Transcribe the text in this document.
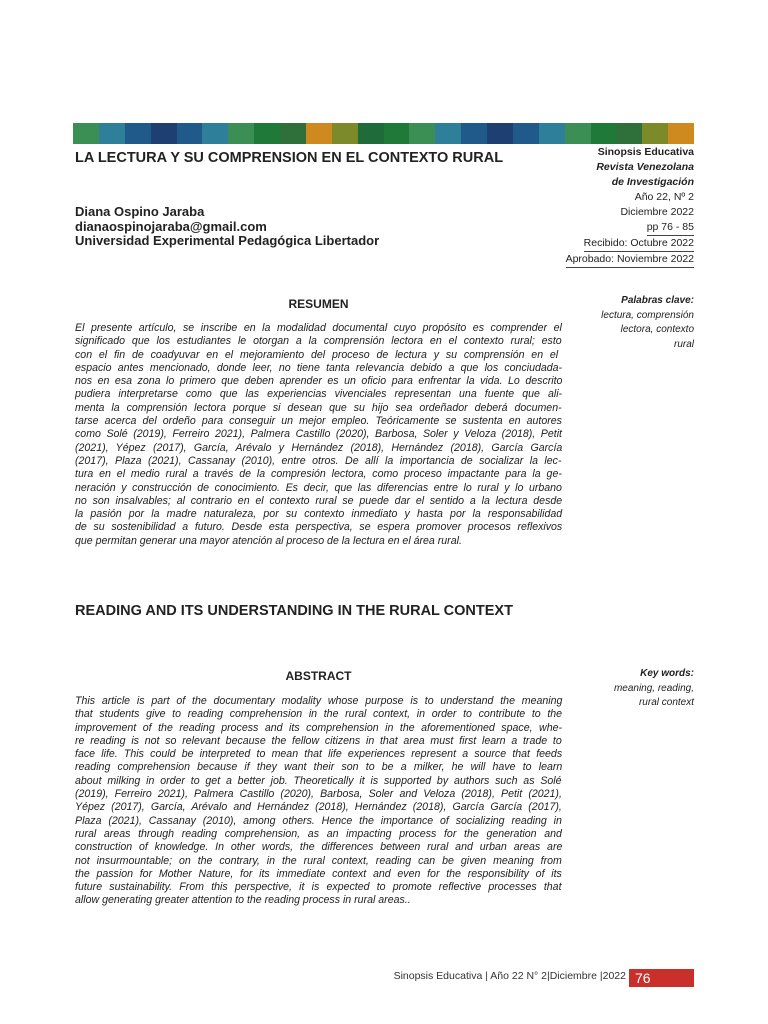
LA LECTURA Y SU COMPRENSION EN EL CONTEXTO RURAL
Diana Ospino Jaraba
dianaospinojaraba@gmail.com
Universidad Experimental Pedagógica Libertador
Sinopsis Educativa
Revista Venezolana
de Investigación
Año 22, Nº 2
Diciembre 2022
pp 76 - 85
Recibido: Octubre 2022
Aprobado: Noviembre 2022
RESUMEN
El presente artículo, se inscribe en la modalidad documental cuyo propósito es comprender el
significado que los estudiantes le otorgan a la comprensión lectora en el contexto rural; esto
con el fin de coadyuvar en el mejoramiento del proceso de lectura y su comprensión en el
espacio antes mencionado, donde leer, no tiene tanta relevancia debido a que los conciudada-
nos en esa zona lo primero que deben aprender es un oficio para enfrentar la vida. Lo descrito
pudiera interpretarse como que las experiencias vivenciales representan una fuente que ali-
menta la comprensión lectora porque si desean que su hijo sea ordeñador deberá documen-
tarse acerca del ordeño para conseguir un mejor empleo. Teóricamente se sustenta en autores
como Solé (2019), Ferreiro 2021), Palmera Castillo (2020), Barbosa, Soler y Veloza (2018), Petit
(2021), Yépez (2017), García, Arévalo y Hernández (2018), Hernández (2018), García García
(2017), Plaza (2021), Cassanay (2010), entre otros. De allí la importancia de socializar la lec-
tura en el medio rural a través de la compresión lectora, como proceso impactante para la ge-
neración y construcción de conocimiento. Es decir, que las diferencias entre lo rural y lo urbano
no son insalvables; al contrario en el contexto rural se puede dar el sentido a la lectura desde
la pasión por la madre naturaleza, por su contexto inmediato y hasta por la responsabilidad
de su sostenibilidad a futuro. Desde esta perspectiva, se espera promover procesos reflexivos
que permitan generar una mayor atención al proceso de la lectura en el área rural.
Palabras clave:
lectura, comprensión
lectora, contexto
rural
READING AND ITS UNDERSTANDING IN THE RURAL CONTEXT
ABSTRACT
This article is part of the documentary modality whose purpose is to understand the meaning
that students give to reading comprehension in the rural context, in order to contribute to the
improvement of the reading process and its comprehension in the aforementioned space, whe-
re reading is not so relevant because the fellow citizens in that area must first learn a trade to
face life. This could be interpreted to mean that life experiences represent a source that feeds
reading comprehension because if they want their son to be a milker, he will have to learn
about milking in order to get a better job. Theoretically it is supported by authors such as Solé
(2019), Ferreiro 2021), Palmera Castillo (2020), Barbosa, Soler and Veloza (2018), Petit (2021),
Yépez (2017), García, Arévalo and Hernández (2018), Hernández (2018), García García (2017),
Plaza (2021), Cassanay (2010), among others. Hence the importance of socializing reading in
rural areas through reading comprehension, as an impacting process for the generation and
construction of knowledge. In other words, the differences between rural and urban areas are
not insurmountable; on the contrary, in the rural context, reading can be given meaning from
the passion for Mother Nature, for its immediate context and even for the responsibility of its
future sustainability. From this perspective, it is expected to promote reflective processes that
allow generating greater attention to the reading process in rural areas..
Key words:
meaning, reading,
rural context
Sinopsis Educativa | Año 22 N° 2|Diciembre |2022 76
